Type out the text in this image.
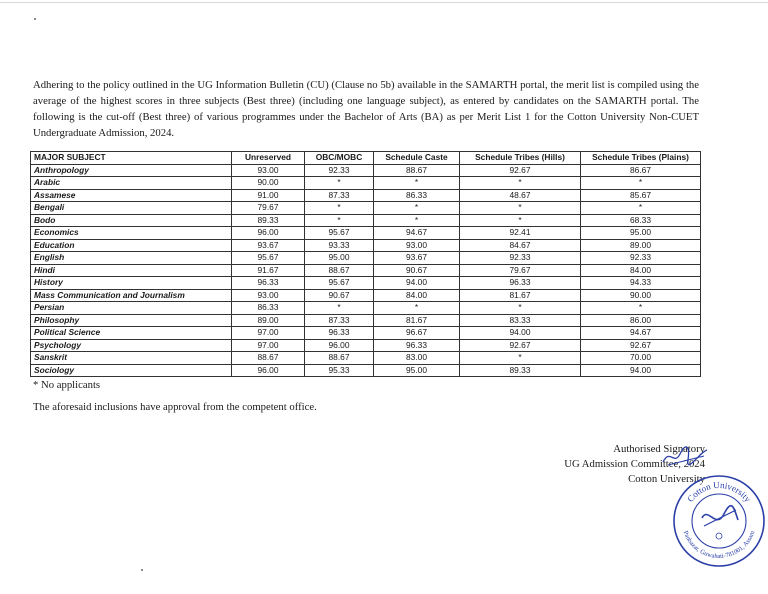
Adhering to the policy outlined in the UG Information Bulletin (CU) (Clause no 5b) available in the SAMARTH portal, the merit list is compiled using the average of the highest scores in three subjects (Best three) (including one language subject), as entered by candidates on the SAMARTH portal. The following is the cut-off (Best three) of various programmes under the Bachelor of Arts (BA) as per Merit List 1 for the Cotton University Non-CUET Undergraduate Admission, 2024.

MAJOR SUBJECT	Unreserved	OBC/MOBC	Schedule Caste	Schedule Tribes (Hills)	Schedule Tribes (Plains)
Anthropology	93.00	92.33	88.67	92.67	86.67
Arabic	90.00	*	*	*	*
Assamese	91.00	87.33	86.33	48.67	85.67
Bengali	79.67	*	*	*	*
Bodo	89.33	*	*	*	68.33
Economics	96.00	95.67	94.67	92.41	95.00
Education	93.67	93.33	93.00	84.67	89.00
English	95.67	95.00	93.67	92.33	92.33
Hindi	91.67	88.67	90.67	79.67	84.00
History	96.33	95.67	94.00	96.33	94.33
Mass Communication and Journalism	93.00	90.67	84.00	81.67	90.00
Persian	86.33	*	*	*	*
Philosophy	89.00	87.33	81.67	83.33	86.00
Political Science	97.00	96.33	96.67	94.00	94.67
Psychology	97.00	96.00	96.33	92.67	92.67
Sanskrit	88.67	88.67	83.00	*	70.00
Sociology	96.00	95.33	95.00	89.33	94.00
* No applicants
The aforesaid inclusions have approval from the competent office.
Authorised Signatory
UG Admission Committee, 2024
Cotton University
Cotton University
Panbazar, Guwahati-781001, Assam
